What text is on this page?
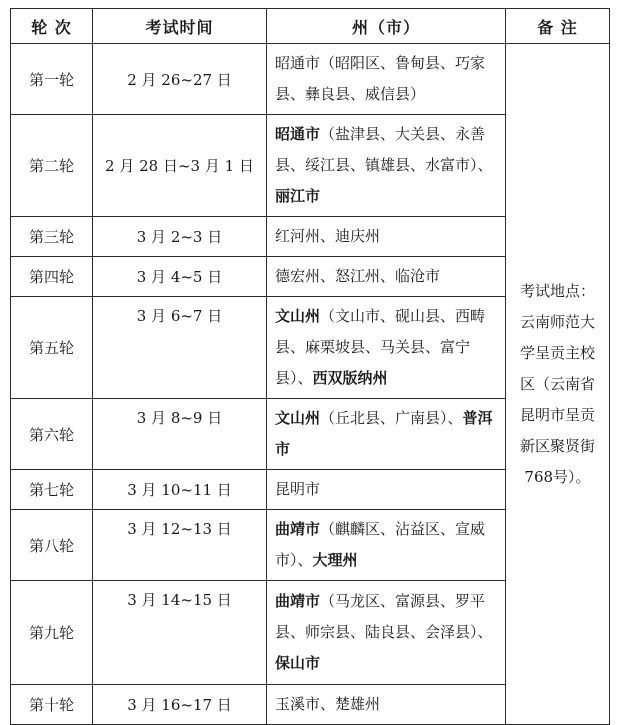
轮 次	考试时间	州（市）	备 注
第一轮	2 月 26~27 日	昭通市（昭阳区、鲁甸县、巧家县、彝良县、威信县）	考试地点：云南师范大学呈贡主校区（云南省昆明市呈贡新区聚贤街768号）。
第二轮	2 月 28 日~3 月 1 日	昭通市（盐津县、大关县、永善县、绥江县、镇雄县、水富市）、丽江市	
第三轮	3 月 2~3 日	红河州、迪庆州	
第四轮	3 月 4~5 日	德宏州、怒江州、临沧市	
第五轮	3 月 6~7 日	文山州（文山市、砚山县、西畴县、麻栗坡县、马关县、富宁县）、西双版纳州	
第六轮	3 月 8~9 日	文山州（丘北县、广南县）、普洱市	
第七轮	3 月 10~11 日	昆明市	
第八轮	3 月 12~13 日	曲靖市（麒麟区、沾益区、宣威市）、大理州	
第九轮	3 月 14~15 日	曲靖市（马龙区、富源县、罗平县、师宗县、陆良县、会泽县）、保山市	
第十轮	3 月 16~17 日	玉溪市、楚雄州	
